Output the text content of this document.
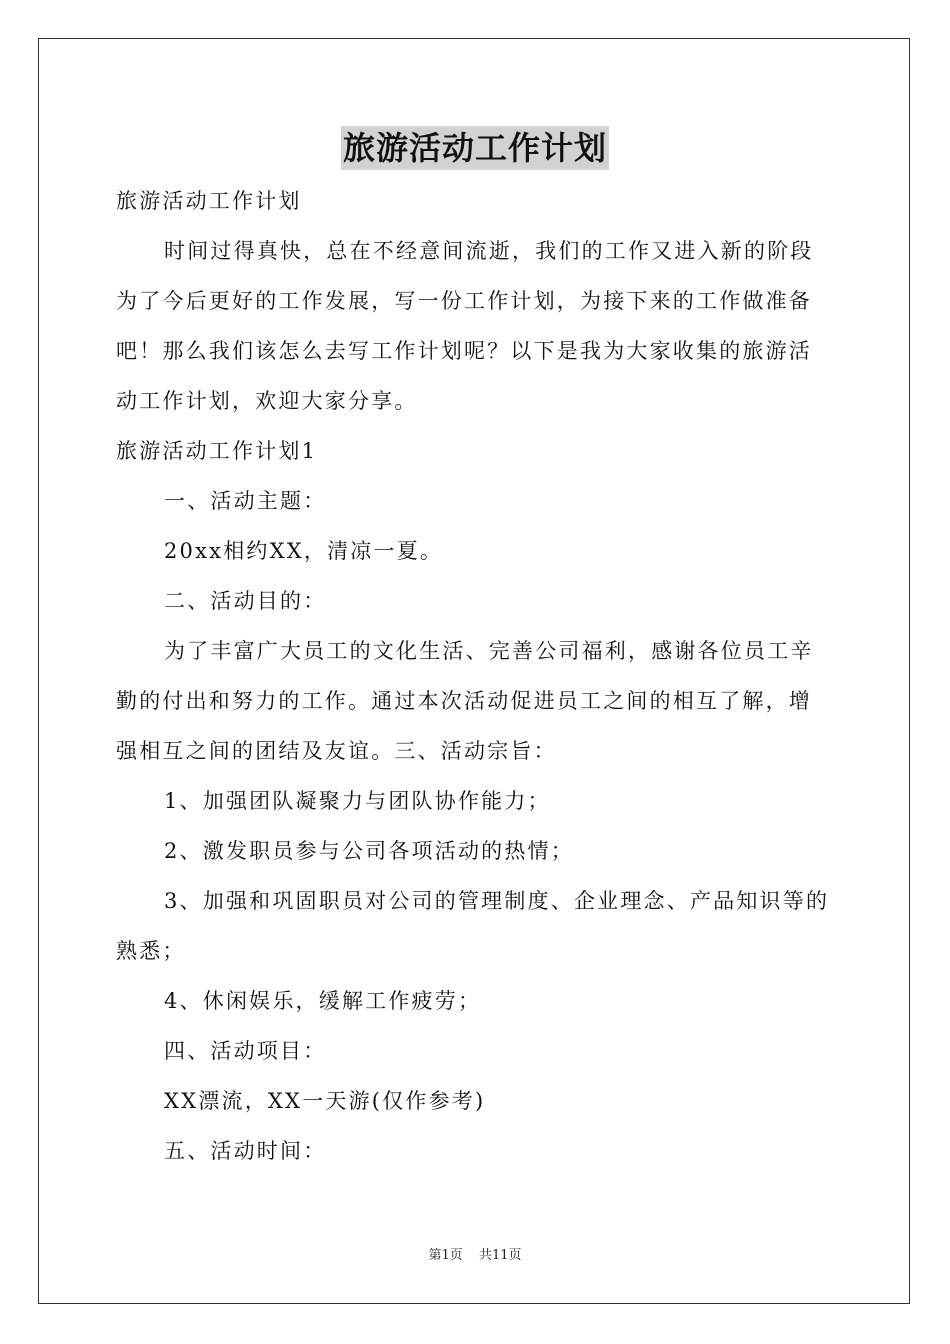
旅游活动工作计划

旅游活动工作计划

时间过得真快，总在不经意间流逝，我们的工作又进入新的阶段为了今后更好的工作发展，写一份工作计划，为接下来的工作做准备吧！那么我们该怎么去写工作计划呢？以下是我为大家收集的旅游活动工作计划，欢迎大家分享。

旅游活动工作计划1

一、活动主题：

20xx相约XX，清凉一夏。

二、活动目的：

为了丰富广大员工的文化生活、完善公司福利，感谢各位员工辛勤的付出和努力的工作。通过本次活动促进员工之间的相互了解，增强相互之间的团结及友谊。三、活动宗旨：

1、加强团队凝聚力与团队协作能力；

2、激发职员参与公司各项活动的热情；

3、加强和巩固职员对公司的管理制度、企业理念、产品知识等的熟悉；

4、休闲娱乐，缓解工作疲劳；

四、活动项目：

XX漂流，XX一天游(仅作参考)

五、活动时间：

第1页 共11页
